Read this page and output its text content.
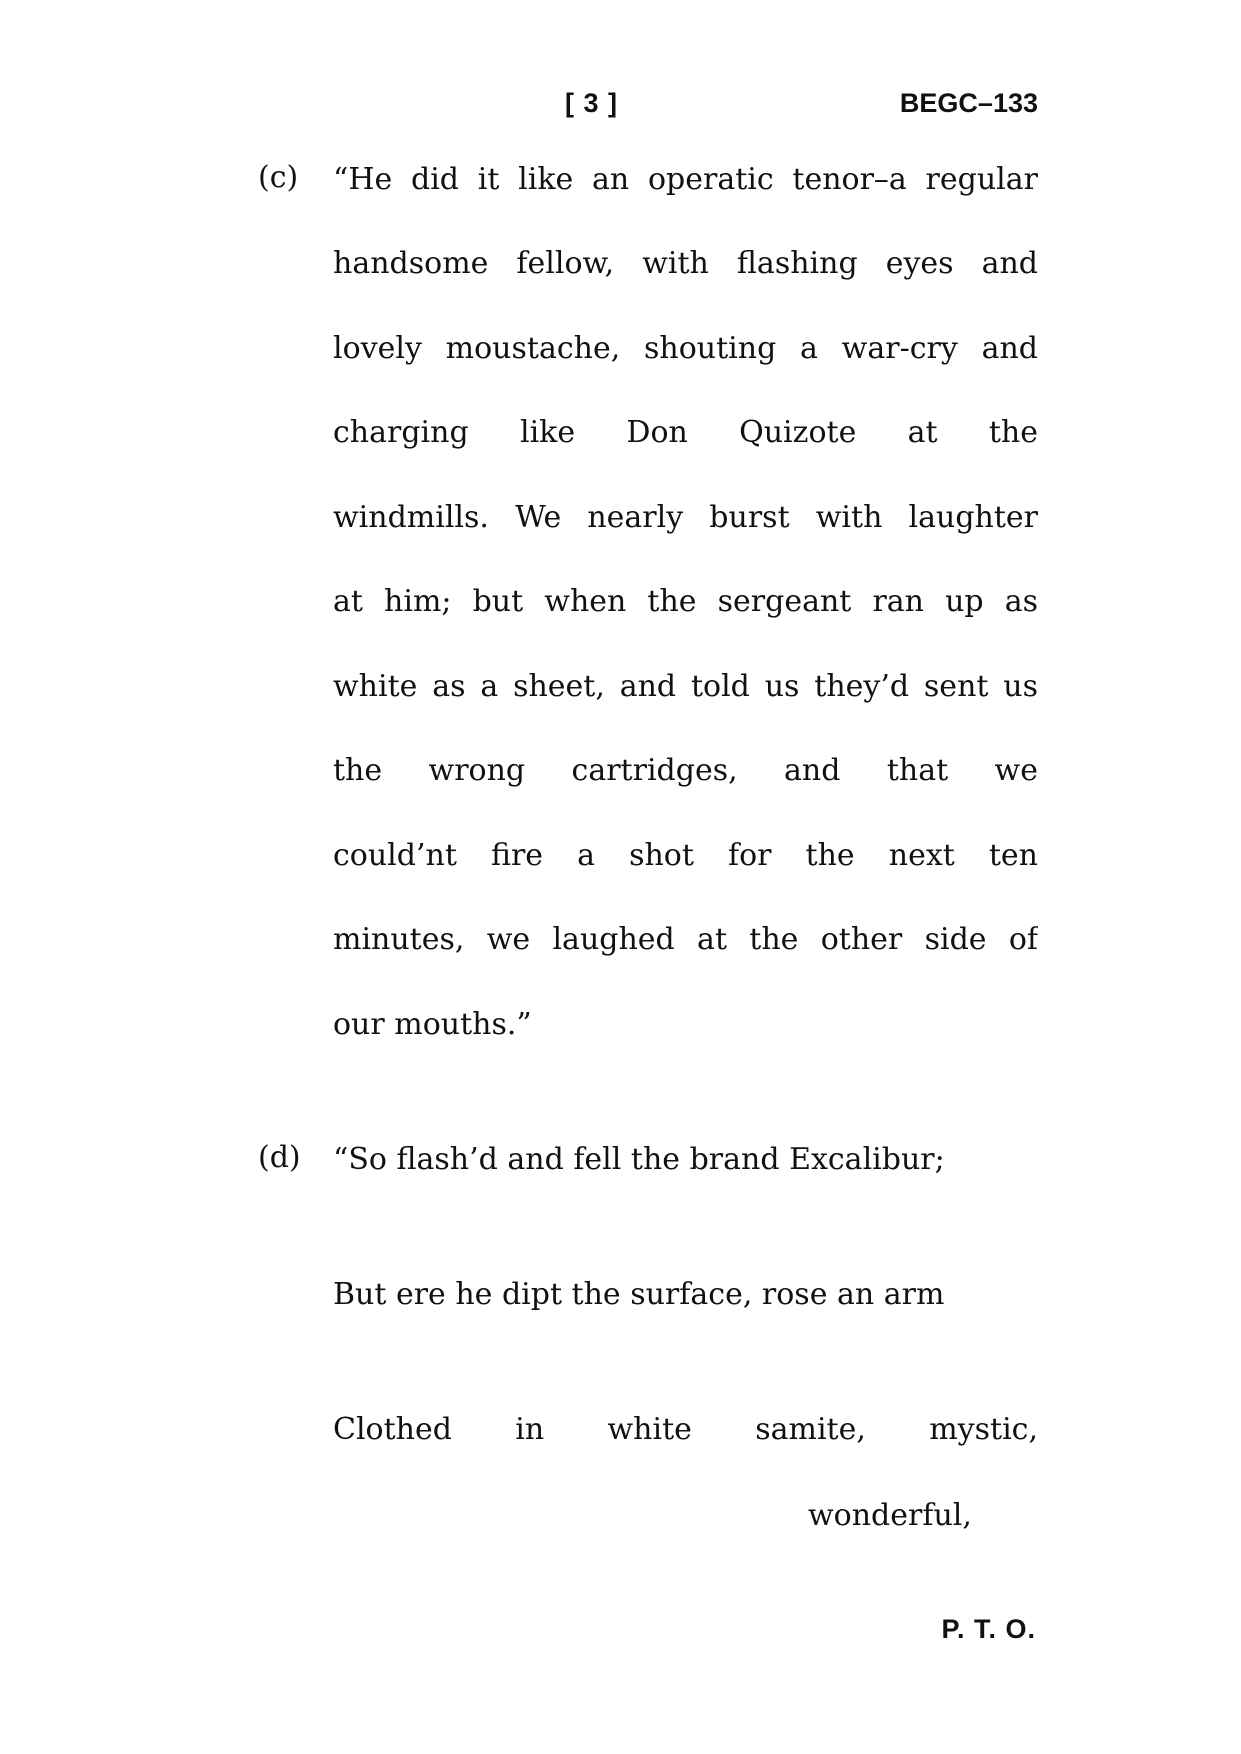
[ 3 ]	BEGC–133
(c) “He did it like an operatic tenor–a regular
handsome fellow, with flashing eyes and
lovely moustache, shouting a war-cry and
charging like Don Quizote at the
windmills. We nearly burst with laughter
at him; but when the sergeant ran up as
white as a sheet, and told us they’d sent us
the wrong cartridges, and that we
could’nt fire a shot for the next ten
minutes, we laughed at the other side of
our mouths.”
(d) “So flash’d and fell the brand Excalibur;
But ere he dipt the surface, rose an arm
Clothed in white samite, mystic,
wonderful,
P. T. O.
